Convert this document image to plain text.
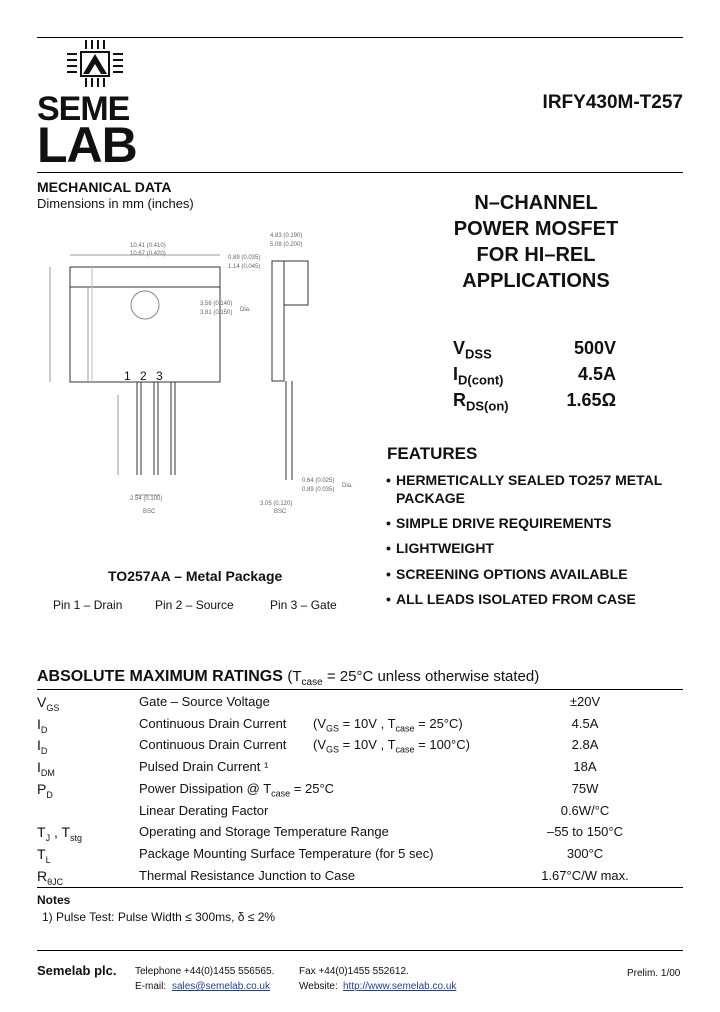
SEME
LAB
IRFY430M-T257
MECHANICAL DATA
Dimensions in mm (inches)
10.41 (0.410)
10.67 (0.420)
0.89 (0.035)
1.14 (0.045)
4.83 (0.190)
5.08 (0.200)
3.56 (0.140)
3.81 (0.150) Dia.
2.54 (0.100)
BSC
0.64 (0.025)
0.89 (0.035)
Dia.
3.05 (0.120)
BSC
1 2 3
TO257AA – Metal Package
Pin 1 – Drain	Pin 2 – Source	Pin 3 – Gate
N–CHANNEL
POWER MOSFET
FOR HI–REL
APPLICATIONS
$V_{DSS}$	500V
$I_{D(cont)}$	4.5A
$R_{DS(on)}$	1.65Ω
FEATURES
• HERMETICALLY SEALED TO257 METAL
PACKAGE
• SIMPLE DRIVE REQUIREMENTS
• LIGHTWEIGHT
• SCREENING OPTIONS AVAILABLE
• ALL LEADS ISOLATED FROM CASE
ABSOLUTE MAXIMUM RATINGS ($T_{case} = 25^\circ C$ unless otherwise stated)
$V_{GS}$	Gate – Source Voltage	±20V
$I_D$	Continuous Drain Current ($V_{GS} = 10V$ , $T_{case} = 25^\circ C$)	4.5A
$I_D$	Continuous Drain Current ($V_{GS} = 10V$ , $T_{case} = 100^\circ C$)	2.8A
$I_{DM}$	Pulsed Drain Current ¹	18A
$P_D$	Power Dissipation @ $T_{case} = 25^\circ C$	75W
Linear Derating Factor	0.6W/°C
$T_J$ , $T_{stg}$	Operating and Storage Temperature Range	–55 to 150°C
$T_L$	Package Mounting Surface Temperature (for 5 sec)	300°C
$R_{\theta JC}$	Thermal Resistance Junction to Case	1.67°C/W max.
Notes
1) Pulse Test: Pulse Width ≤ 300ms, δ ≤ 2%
Semelab plc. Telephone +44(0)1455 556565. Fax +44(0)1455 552612.
E-mail: sales@semelab.co.uk	Website: http://www.semelab.co.uk
Prelim. 1/00
